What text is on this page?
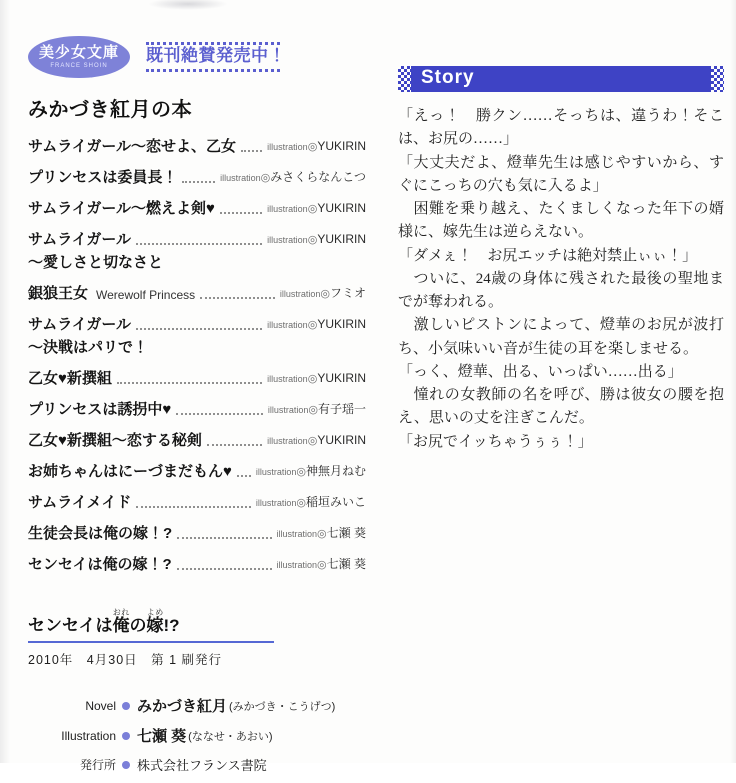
美少女文庫
FRANCE SHOIN
既刊絶賛発売中！
みかづき紅月の本
サムライガール～恋せよ、乙女	illustration◎YUKIRIN
プリンセスは委員長！	illustration◎みさくらなんこつ
サムライガール～燃えよ剣♥	illustration◎YUKIRIN
サムライガール	illustration◎YUKIRIN
～愛しさと切なさと
銀狼王女 Werewolf Princess	illustration◎フミオ
サムライガール	illustration◎YUKIRIN
～決戦はパリで！
乙女♥新撰組	illustration◎YUKIRIN
プリンセスは誘拐中♥	illustration◎有子瑶一
乙女♥新撰組～恋する秘剣	illustration◎YUKIRIN
お姉ちゃんはにーづまだもん♥	illustration◎神無月ねむ
サムライメイド	illustration◎稲垣みいこ
生徒会長は俺の嫁！?	illustration◎七瀬 葵
センセイは俺の嫁！?	illustration◎七瀬 葵
Story

「えっ！　勝クン……そっちは、違うわ！そこは、お尻の……」

「大丈夫だよ、燈華先生は感じやすいから、すぐにこっちの穴も気に入るよ」

　困難を乗り越え、たくましくなった年下の婿様に、嫁先生は逆らえない。

「ダメぇ！　お尻エッチは絶対禁止ぃぃ！」

　ついに、24歳の身体に残された最後の聖地までが奪われる。

　激しいピストンによって、燈華のお尻が波打ち、小気味いい音が生徒の耳を楽しませる。

「っく、燈華、出る、いっぱい……出る」

　憧れの女教師の名を呼び、勝は彼女の腰を抱え、思いの丈を注ぎこんだ。

「お尻でイッちゃうぅぅ！」

センセイは俺おれの嫁よめ!?
2010年　4月30日　第 1 刷発行
Novel みかづき紅月 (みかづき・こうげつ)
Illustration 七瀬 葵 (ななせ・あおい)
発行所 株式会社フランス書院
